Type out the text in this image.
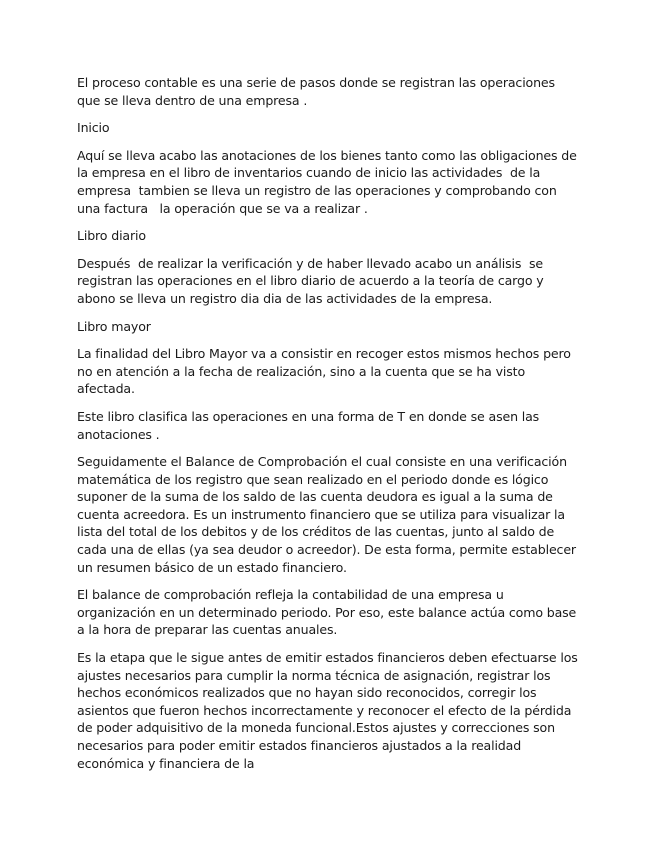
El proceso contable es una serie de pasos donde se registran las operaciones que se lleva dentro de una empresa .

Inicio

Aquí se lleva acabo las anotaciones de los bienes tanto como las obligaciones de la empresa en el libro de inventarios cuando de inicio las actividades  de la empresa  tambien se lleva un registro de las operaciones y comprobando con una factura   la operación que se va a realizar .

Libro diario

Después  de realizar la verificación y de haber llevado acabo un análisis  se registran las operaciones en el libro diario de acuerdo a la teoría de cargo y abono se lleva un registro dia dia de las actividades de la empresa.

Libro mayor

La finalidad del Libro Mayor va a consistir en recoger estos mismos hechos pero no en atención a la fecha de realización, sino a la cuenta que se ha visto afectada.

Este libro clasifica las operaciones en una forma de T en donde se asen las anotaciones .

Seguidamente el Balance de Comprobación el cual consiste en una verificación matemática de los registro que sean realizado en el periodo donde es lógico suponer de la suma de los saldo de las cuenta deudora es igual a la suma de cuenta acreedora. Es un instrumento financiero que se utiliza para visualizar la lista del total de los debitos y de los créditos de las cuentas, junto al saldo de cada una de ellas (ya sea deudor o acreedor). De esta forma, permite establecer un resumen básico de un estado financiero.

El balance de comprobación refleja la contabilidad de una empresa u organización en un determinado periodo. Por eso, este balance actúa como base a la hora de preparar las cuentas anuales.

Es la etapa que le sigue antes de emitir estados financieros deben efectuarse los ajustes necesarios para cumplir la norma técnica de asignación, registrar los hechos económicos realizados que no hayan sido reconocidos, corregir los asientos que fueron hechos incorrectamente y reconocer el efecto de la pérdida de poder adquisitivo de la moneda funcional.Estos ajustes y correcciones son necesarios para poder emitir estados financieros ajustados a la realidad económica y financiera de la
